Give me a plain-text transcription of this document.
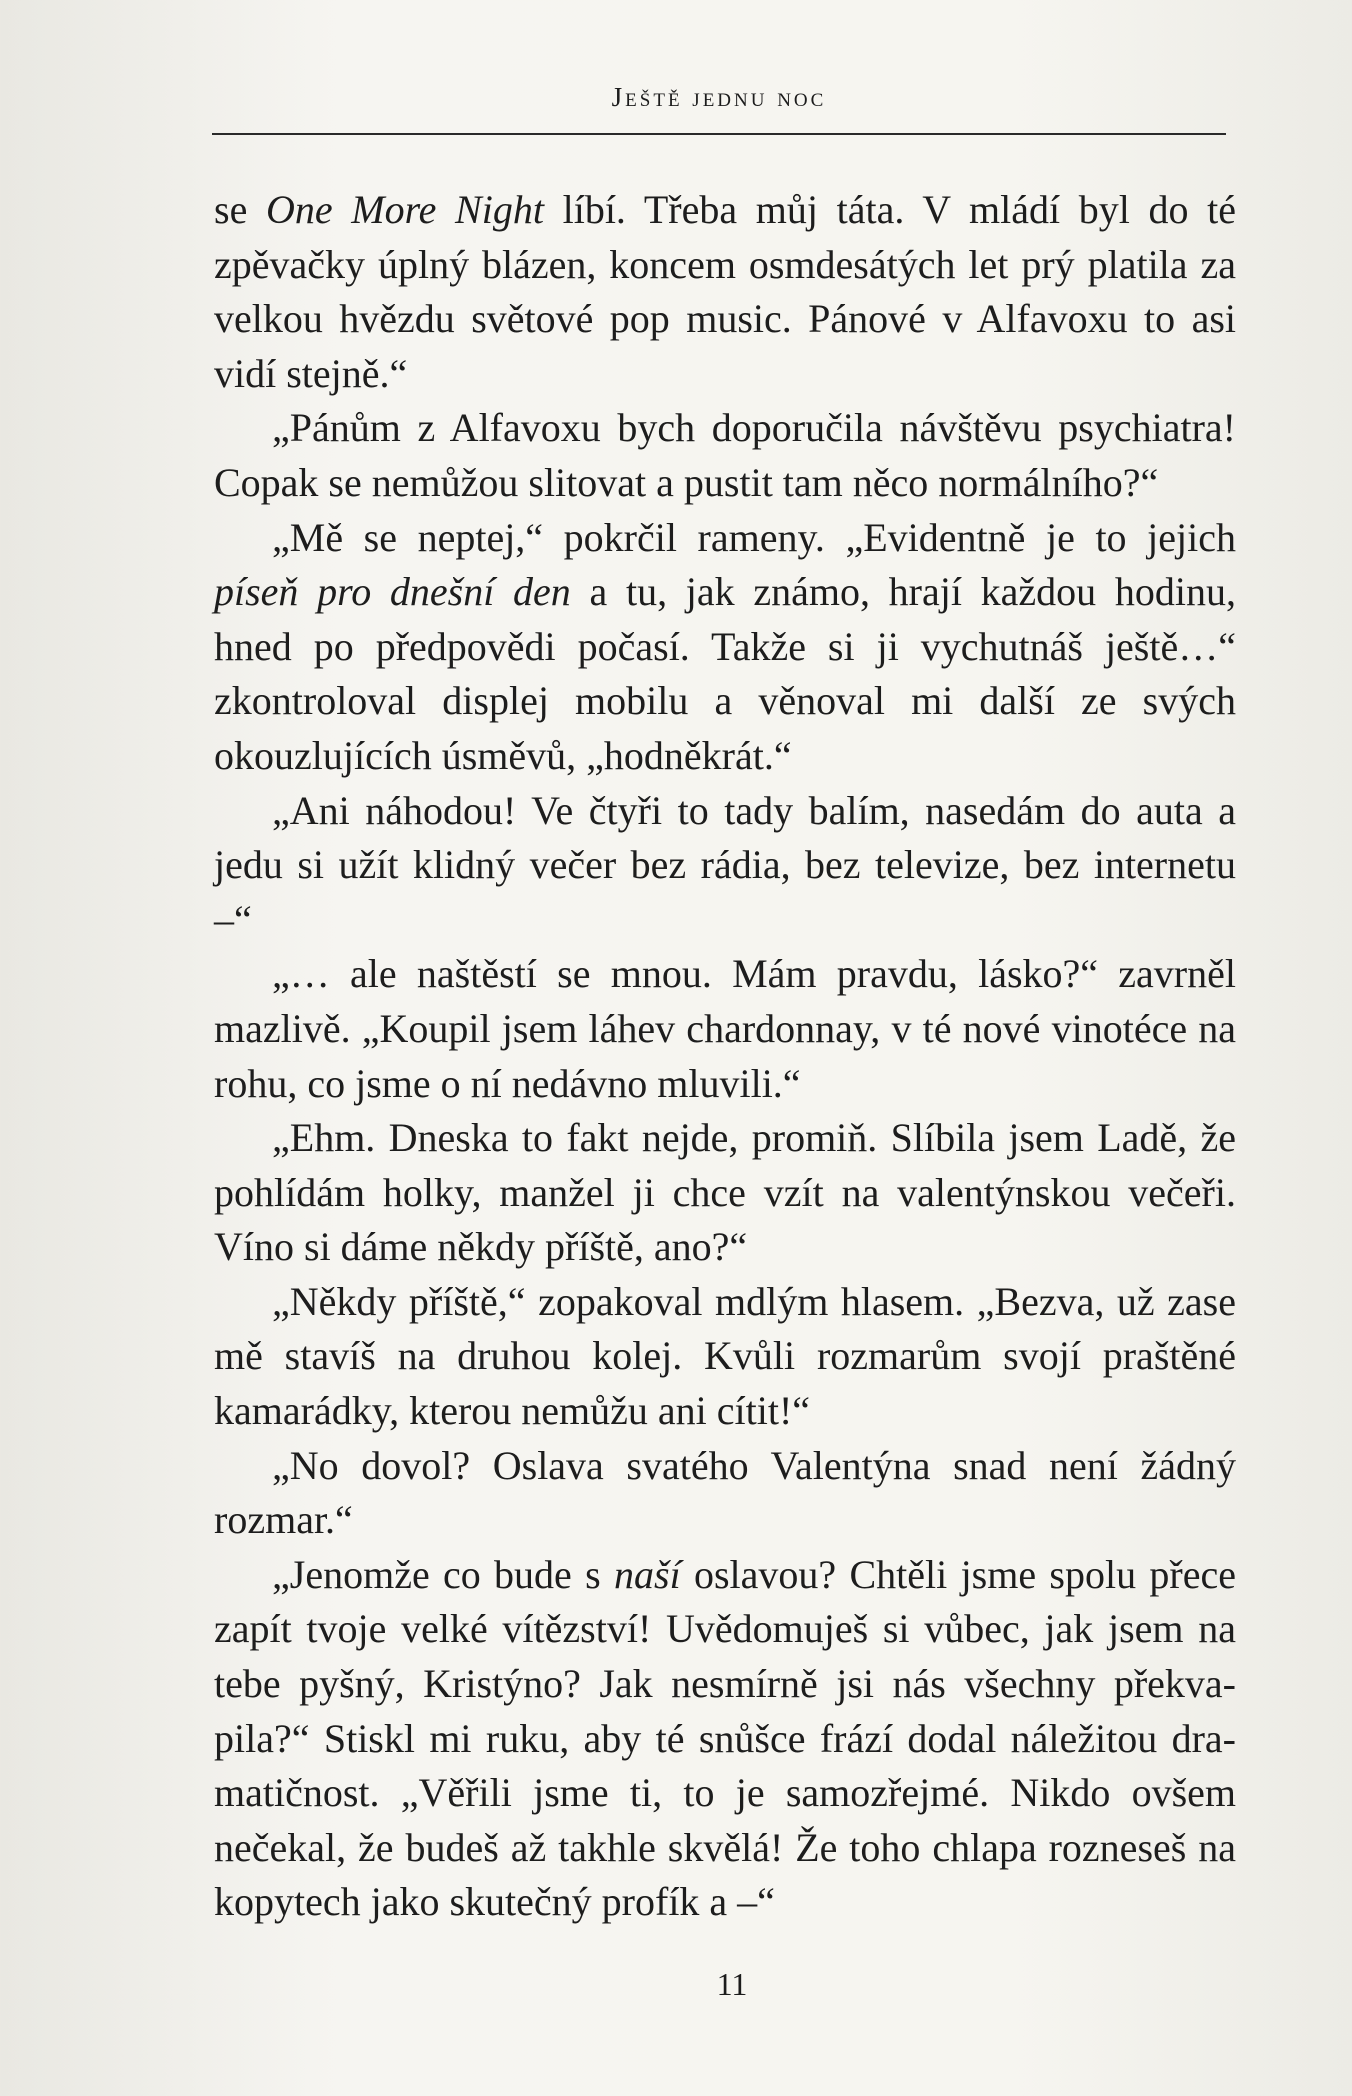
Ještě jednu noc

se One More Night líbí. Třeba můj táta. V mládí byl do té zpěvačky úplný blázen, koncem osmdesátých let prý platila za velkou hvězdu světové pop music. Pánové v Alfavoxu to asi vidí stejně.“

„Pánům z Alfavoxu bych doporučila návštěvu psychiatra! Copak se nemůžou slitovat a pustit tam něco normálního?“

„Mě se neptej,“ pokrčil rameny. „Evidentně je to jejich píseň pro dnešní den a tu, jak známo, hrají každou hodinu, hned po předpovědi počasí. Takže si ji vychutnáš ještě…“ zkontroloval displej mobilu a věnoval mi další ze svých okouzlujících úsměvů, „hodněkrát.“

„Ani náhodou! Ve čtyři to tady balím, nasedám do auta a jedu si užít klidný večer bez rádia, bez televize, bez internetu –“

„… ale naštěstí se mnou. Mám pravdu, lásko?“ zavrněl mazlivě. „Koupil jsem láhev chardonnay, v té nové vinotéce na rohu, co jsme o ní nedávno mluvili.“

„Ehm. Dneska to fakt nejde, promiň. Slíbila jsem Ladě, že pohlídám holky, manžel ji chce vzít na valentýnskou večeři. Víno si dáme někdy příště, ano?“

„Někdy příště,“ zopakoval mdlým hlasem. „Bezva, už zase mě stavíš na druhou kolej. Kvůli rozmarům svojí praštěné kamarádky, kterou nemůžu ani cítit!“

„No dovol? Oslava svatého Valentýna snad není žádný rozmar.“

„Jenomže co bude s naší oslavou? Chtěli jsme spolu přece zapít tvoje velké vítězství! Uvědomuješ si vůbec, jak jsem na tebe pyšný, Kristýno? Jak nesmírně jsi nás všechny překvapila?“ Stiskl mi ruku, aby té snůšce frází dodal náležitou dramatičnost. „Věřili jsme ti, to je samozřejmé. Nikdo ovšem nečekal, že budeš až takhle skvělá! Že toho chlapa rozneseš na kopytech jako skutečný profík a –“

11
